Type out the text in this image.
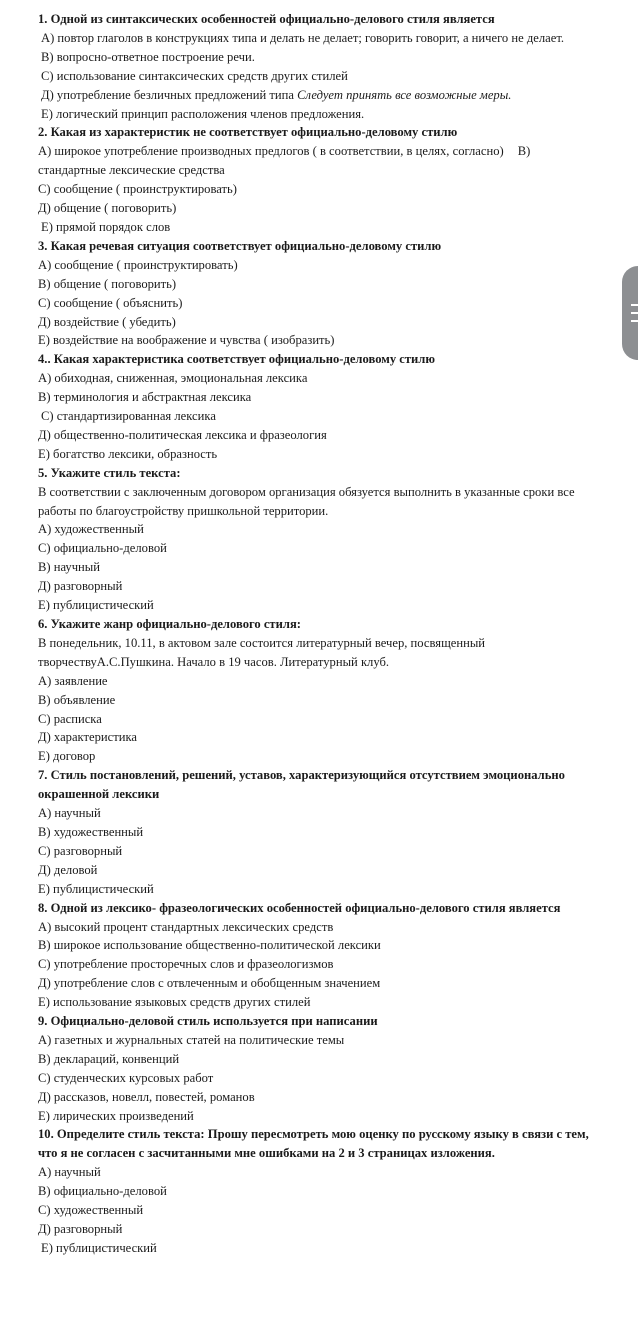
1. Одной из синтаксических особенностей официально-делового стиля является
А) повтор глаголов в конструкциях типа и делать не делает; говорить говорит, а ничего не делает.
В) вопросно-ответное построение речи.
С) использование синтаксических средств других стилей
Д) употребление безличных предложений типа Следует принять все возможные меры.
Е) логический принцип расположения членов предложения.
2. Какая из характеристик не соответствует официально-деловому стилю
А) широкое употребление производных предлогов ( в соответствии, в целях, согласно) В) стандартные лексические средства
С) сообщение ( проинструктировать)
Д) общение ( поговорить)
Е) прямой порядок слов
3. Какая речевая ситуация соответствует официально-деловому стилю
А) сообщение ( проинструктировать)
В) общение ( поговорить)
С) сообщение ( объяснить)
Д) воздействие ( убедить)
Е) воздействие на воображение и чувства ( изобразить)
4.. Какая характеристика соответствует официально-деловому стилю
А) обиходная, сниженная, эмоциональная лексика
В) терминология и абстрактная лексика
С) стандартизированная лексика
Д) общественно-политическая лексика и фразеология
Е) богатство лексики, образность
5. Укажите стиль текста:
В соответствии с заключенным договором организация обязуется выполнить в указанные сроки все работы по благоустройству пришкольной территории.
А) художественный
С) официально-деловой
В) научный
Д) разговорный
Е) публицистический
6. Укажите жанр официально-делового стиля:
В понедельник, 10.11, в актовом зале состоится литературный вечер, посвященный творчествуА.С.Пушкина. Начало в 19 часов. Литературный клуб.
А) заявление
В) объявление
С) расписка
Д) характеристика
Е) договор
7. Стиль постановлений, решений, уставов, характеризующийся отсутствием эмоционально окрашенной лексики
А) научный
В) художественный
С) разговорный
Д) деловой
Е) публицистический
8. Одной из лексико- фразеологических особенностей официально-делового стиля является
А) высокий процент стандартных лексических средств
В) широкое использование общественно-политической лексики
С) употребление просторечных слов и фразеологизмов
Д) употребление слов с отвлеченным и обобщенным значением
Е) использование языковых средств других стилей
9. Официально-деловой стиль используется при написании
А) газетных и журнальных статей на политические темы
В) деклараций, конвенций
С) студенческих курсовых работ
Д) рассказов, новелл, повестей, романов
Е) лирических произведений
10. Определите стиль текста: Прошу пересмотреть мою оценку по русскому языку в связи с тем, что я не согласен с засчитанными мне ошибками на 2 и 3 страницах изложения.
А) научный
В) официально-деловой
С) художественный
Д) разговорный
Е) публицистический
